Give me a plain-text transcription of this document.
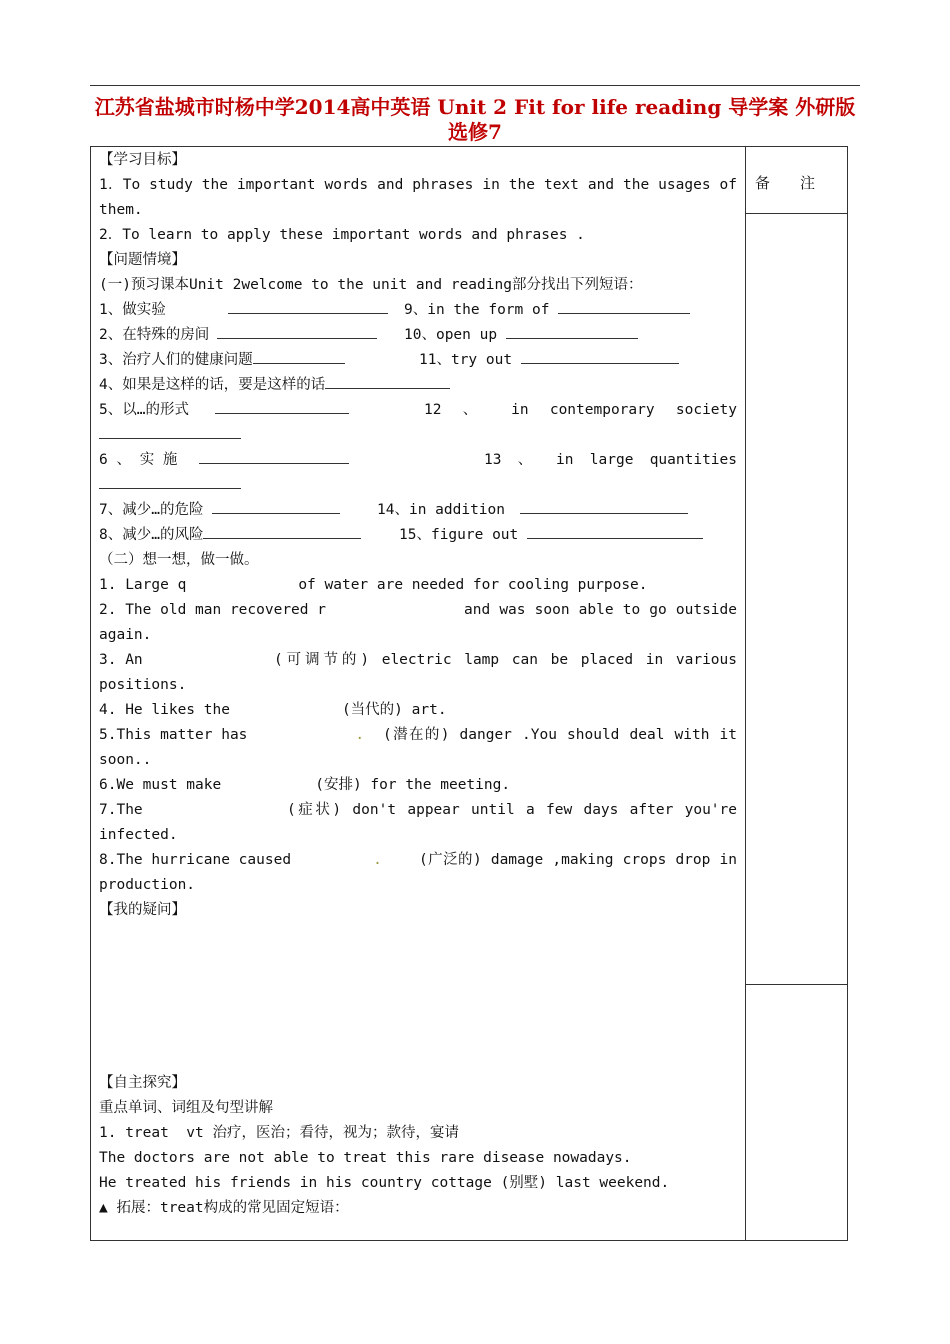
江苏省盐城市时杨中学2014高中英语 Unit 2 Fit for life reading 导学案 外研版
选修7
备　　注
【学习目标】
1．To study the important words and phrases in the text and the usages of
them.
2．To learn to apply these important words and phrases .
【问题情境】
(一)预习课本Unit 2welcome to the unit and reading部分找出下列短语：
1、做实验	9、in the form of
2、在特殊的房间	10、open up
3、治疗人们的健康问题	11、try out
4、如果是这样的话，要是这样的话
5、以…的形式	12 、 in contemporary society
6 、 实 施	13 、 in large quantities
7、减少…的危险	14、in addition
8、减少…的风险	15、figure out
（二）想一想，做一做。
1. Large q	of water are needed for cooling purpose.
2. The old man recovered r	and was soon able to go outside
again.
3. An	(可调节的) electric lamp can be placed in various
positions.
4. He likes the	(当代的) art.
5.This matter has	.	(潜在的) danger .You should deal with it
soon..
6.We must make	(安排) for the meeting.
7.The	(症状) don't appear until a few days after you're
infected.
8.The hurricane caused	.	(广泛的) damage ,making crops drop in
production.
【我的疑问】
【自主探究】
重点单词、词组及句型讲解
1. treat  vt 治疗，医治；看待，视为；款待，宴请
The doctors are not able to treat this rare disease nowadays.
He treated his friends in his country cottage (别墅) last weekend.
▲ 拓展：treat构成的常见固定短语：
